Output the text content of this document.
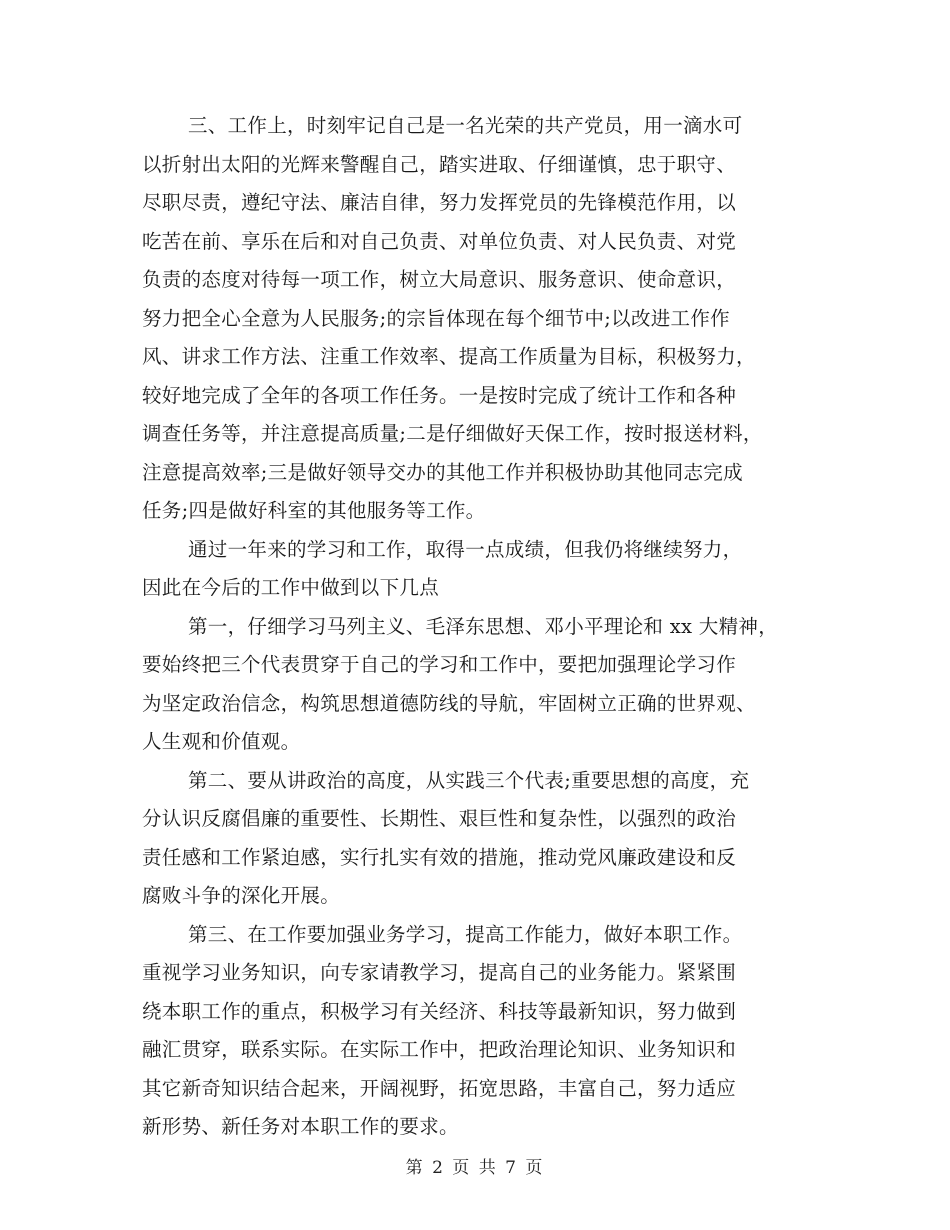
三、工作上，时刻牢记自己是一名光荣的共产党员，用一滴水可
以折射出太阳的光辉来警醒自己，踏实进取、仔细谨慎，忠于职守、
尽职尽责，遵纪守法、廉洁自律，努力发挥党员的先锋模范作用，以
吃苦在前、享乐在后和对自己负责、对单位负责、对人民负责、对党
负责的态度对待每一项工作，树立大局意识、服务意识、使命意识，
努力把全心全意为人民服务;的宗旨体现在每个细节中;以改进工作作
风、讲求工作方法、注重工作效率、提高工作质量为目标，积极努力，
较好地完成了全年的各项工作任务。一是按时完成了统计工作和各种
调查任务等，并注意提高质量;二是仔细做好天保工作，按时报送材料，
注意提高效率;三是做好领导交办的其他工作并积极协助其他同志完成
任务;四是做好科室的其他服务等工作。

通过一年来的学习和工作，取得一点成绩，但我仍将继续努力，
因此在今后的工作中做到以下几点

第一，仔细学习马列主义、毛泽东思想、邓小平理论和 xx 大精神，
要始终把三个代表贯穿于自己的学习和工作中，要把加强理论学习作
为坚定政治信念，构筑思想道德防线的导航，牢固树立正确的世界观、
人生观和价值观。

第二、要从讲政治的高度，从实践三个代表;重要思想的高度，充
分认识反腐倡廉的重要性、长期性、艰巨性和复杂性，以强烈的政治
责任感和工作紧迫感，实行扎实有效的措施，推动党风廉政建设和反
腐败斗争的深化开展。

第三、在工作要加强业务学习，提高工作能力，做好本职工作。
重视学习业务知识，向专家请教学习，提高自己的业务能力。紧紧围
绕本职工作的重点，积极学习有关经济、科技等最新知识，努力做到
融汇贯穿，联系实际。在实际工作中，把政治理论知识、业务知识和
其它新奇知识结合起来，开阔视野，拓宽思路，丰富自己，努力适应
新形势、新任务对本职工作的要求。

第 2 页 共 7 页
